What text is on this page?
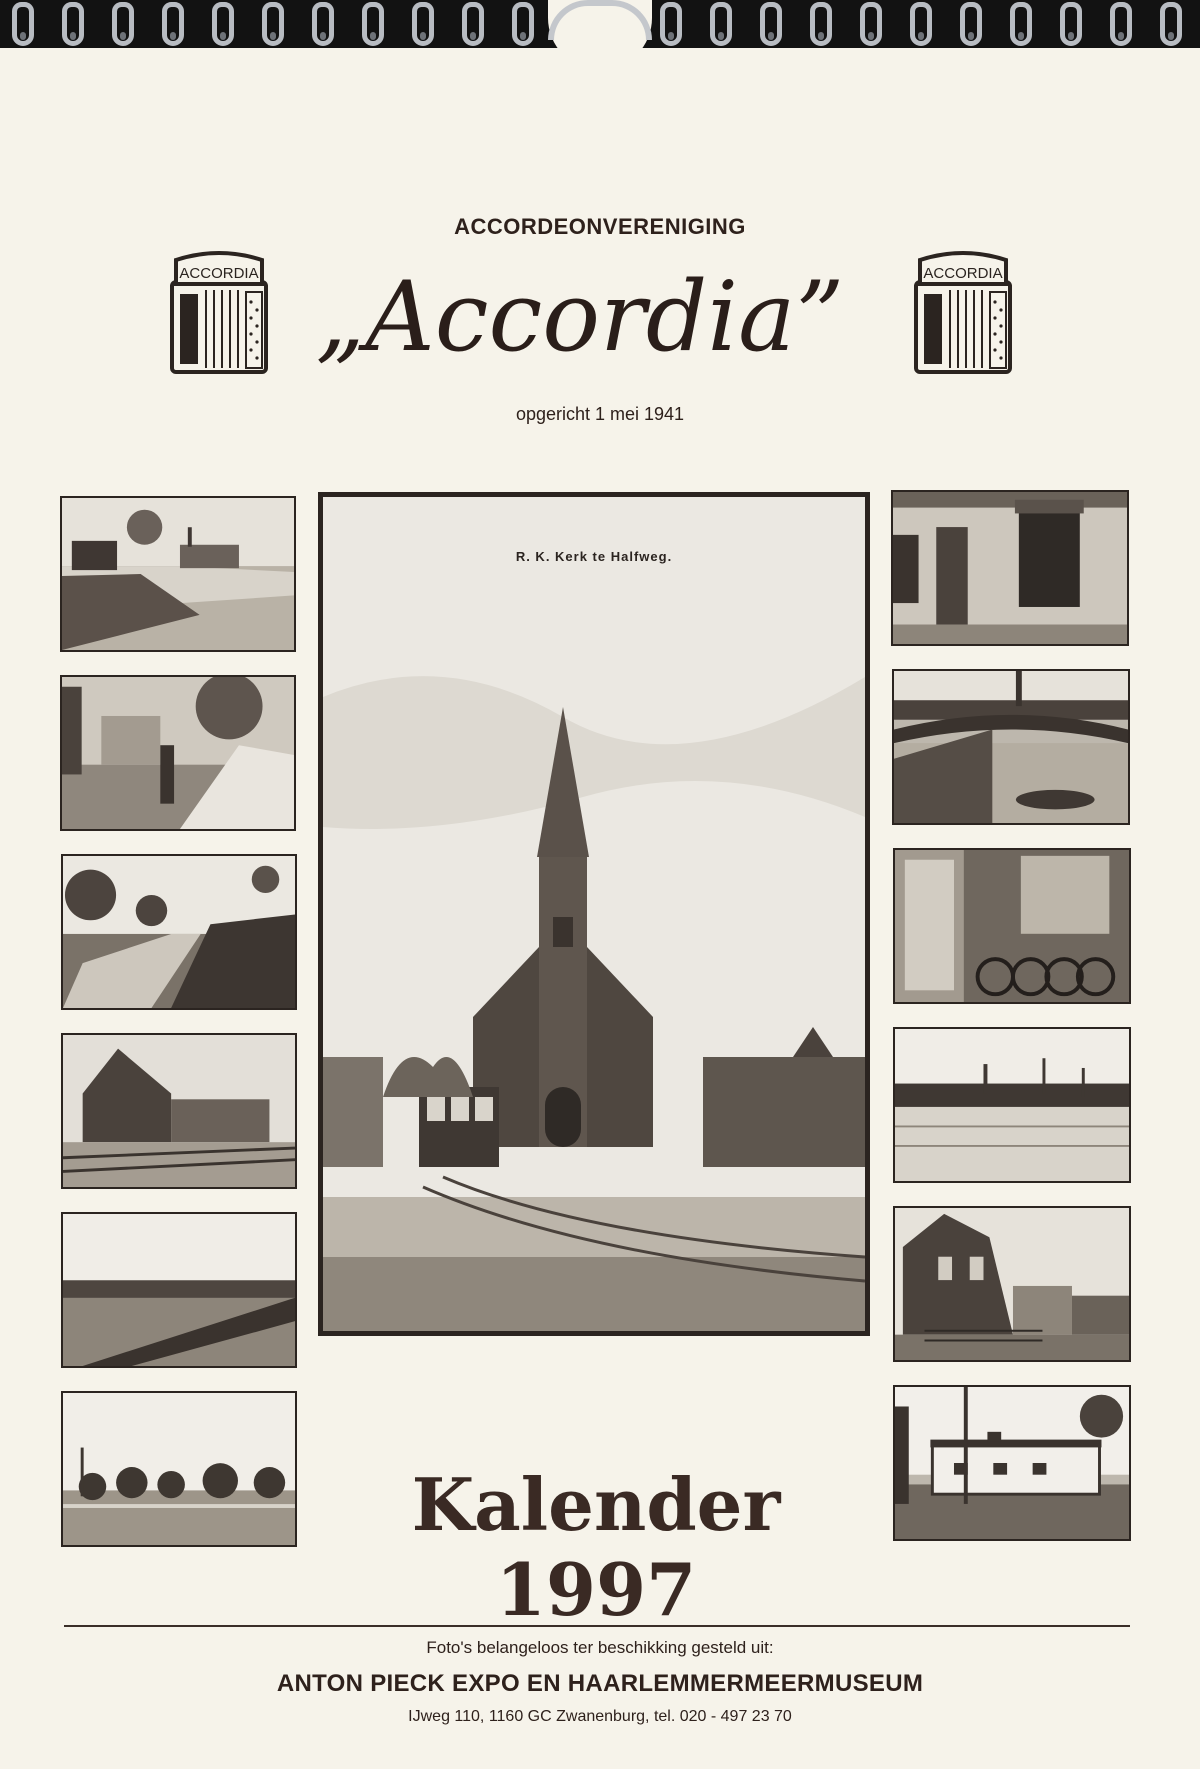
ACCORDEONVERENIGING
ACCORDIA „Accordia”	ACCORDIA
opgericht 1 mei 1941
R. K. Kerk te Halfweg.
Kalender 1997
Foto's belangeloos ter beschikking gesteld uit:
ANTON PIECK EXPO EN HAARLEMMERMEERMUSEUM
IJweg 110, 1160 GC Zwanenburg, tel. 020 - 497 23 70
